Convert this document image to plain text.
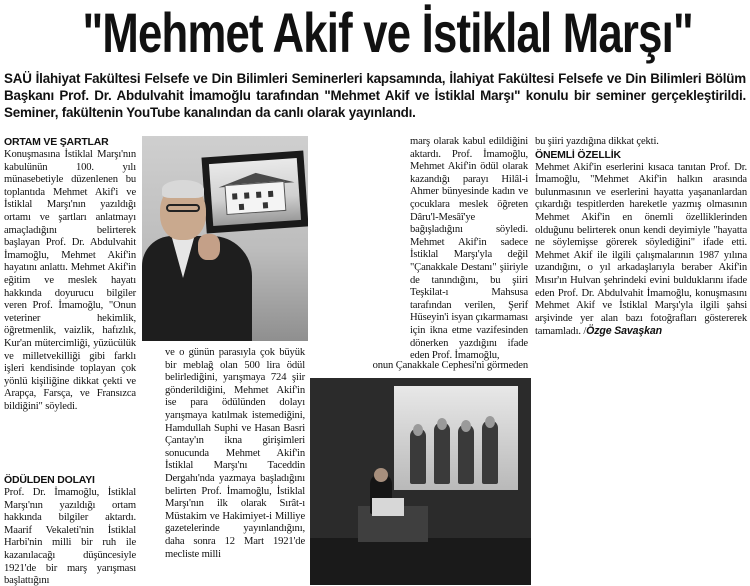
"Mehmet Akif ve İstiklal Marşı"
SAÜ İlahiyat Fakültesi Felsefe ve Din Bilimleri Seminerleri kapsamında, İlahiyat Fakültesi Felsefe ve Din Bilimleri Bölüm Başkanı Prof. Dr. Abdulvahit İmamoğlu tarafından "Mehmet Akif ve İstiklal Marşı" konulu bir seminer gerçekleştirildi. Seminer, fakültenin YouTube kanalından da canlı olarak yayınlandı.

ORTAM VE ŞARTLAR

Konuşmasına İstiklal Marşı'nın kabulünün 100. yılı münasebetiyle düzenlenen bu toplantıda Mehmet Akif'i ve İstiklal Marşı'nın yazıldığı ortamı ve şartları anlatmayı amaçladığını belirterek başlayan Prof. Dr. Abdulvahit İmamoğlu, Mehmet Akif'in hayatını anlattı. Mehmet Akif'in eğitim ve meslek hayatı hakkında doyurucu bilgiler veren Prof. İmamoğlu, "Onun veteriner hekimlik, öğretmenlik, vaizlik, hafızlık, Kur'an mütercimliği, yüzücülük ve milletvekilliği gibi farklı işleri kendisinde toplayan çok yönlü kişiliğine dikkat çekti ve Arapça, Farsça, ve Fransızca bildiğini" söyledi.

ÖDÜLDEN DOLAYI

Prof. Dr. İmamoğlu, İstiklal Marşı'nın yazıldığı ortam hakkında bilgiler aktardı. Maarif Vekaleti'nin İstiklal Harbi'nin milli bir ruh ile kazanılacağı düşüncesiyle 1921'de bir marş yarışması başlattığını

ve o günün parasıyla çok büyük bir meblağ olan 500 lira ödül belirlediğini, yarışmaya 724 şiir gönderildiğini, Mehmet Akif'in ise para ödülünden dolayı yarışmaya katılmak istemediğini, Hamdullah Suphi ve Hasan Basri Çantay'ın ikna girişimleri sonucunda Mehmet Akif'in İstiklal Marşı'nı Taceddin Dergahı'nda yazmaya başladığını belirten Prof. İmamoğlu, İstiklal Marşı'nın ilk olarak Sırât-ı Müstakim ve Hakimiyet-i Milliye gazetelerinde yayınlandığını, daha sonra 12 Mart 1921'de mecliste milli

marş olarak kabul edildiğini aktardı. Prof. İmamoğlu, Mehmet Akif'in ödül olarak kazandığı parayı Hilâl-i Ahmer bünyesinde kadın ve çocuklara meslek öğreten Dâru'l-Mesâî'ye bağışladığını söyledi. Mehmet Akif'in sadece İstiklal Marşı'yla değil "Çanakkale Destanı" şiiriyle de tanındığını, bu şiiri Teşkilat-ı Mahsusa tarafından verilen, Şerif Hüseyin'i isyan çıkarmaması için ikna etme vazifesinden dönerken yazdığını ifade eden Prof. İmamoğlu,

onun Çanakkale Cephesi'ni görmeden

bu şiiri yazdığına dikkat çekti.

ÖNEMLİ ÖZELLİK

Mehmet Akif'in eserlerini kısaca tanıtan Prof. Dr. İmamoğlu, "Mehmet Akif'in halkın arasında bulunmasının ve eserlerini hayatta yaşananlardan çıkardığı tespitlerden hareketle yazmış olmasının Mehmet Akif'in en önemli özelliklerinden olduğunu belirterek onun kendi deyimiyle "hayatta ne söylemişse görerek söylediğini" ifade etti. Mehmet Akif ile ilgili çalışmalarının 1987 yılına uzandığını, o yıl arkadaşlarıyla beraber Akif'in Mısır'ın Hulvan şehrindeki evini bulduklarını ifade eden Prof. Dr. Abdulvahit İmamoğlu, konuşmasını Mehmet Akif ve İstiklal Marşı'yla ilgili şahsi arşivinde yer alan bazı fotoğrafları göstererek tamamladı. /Özge Savaşkan
